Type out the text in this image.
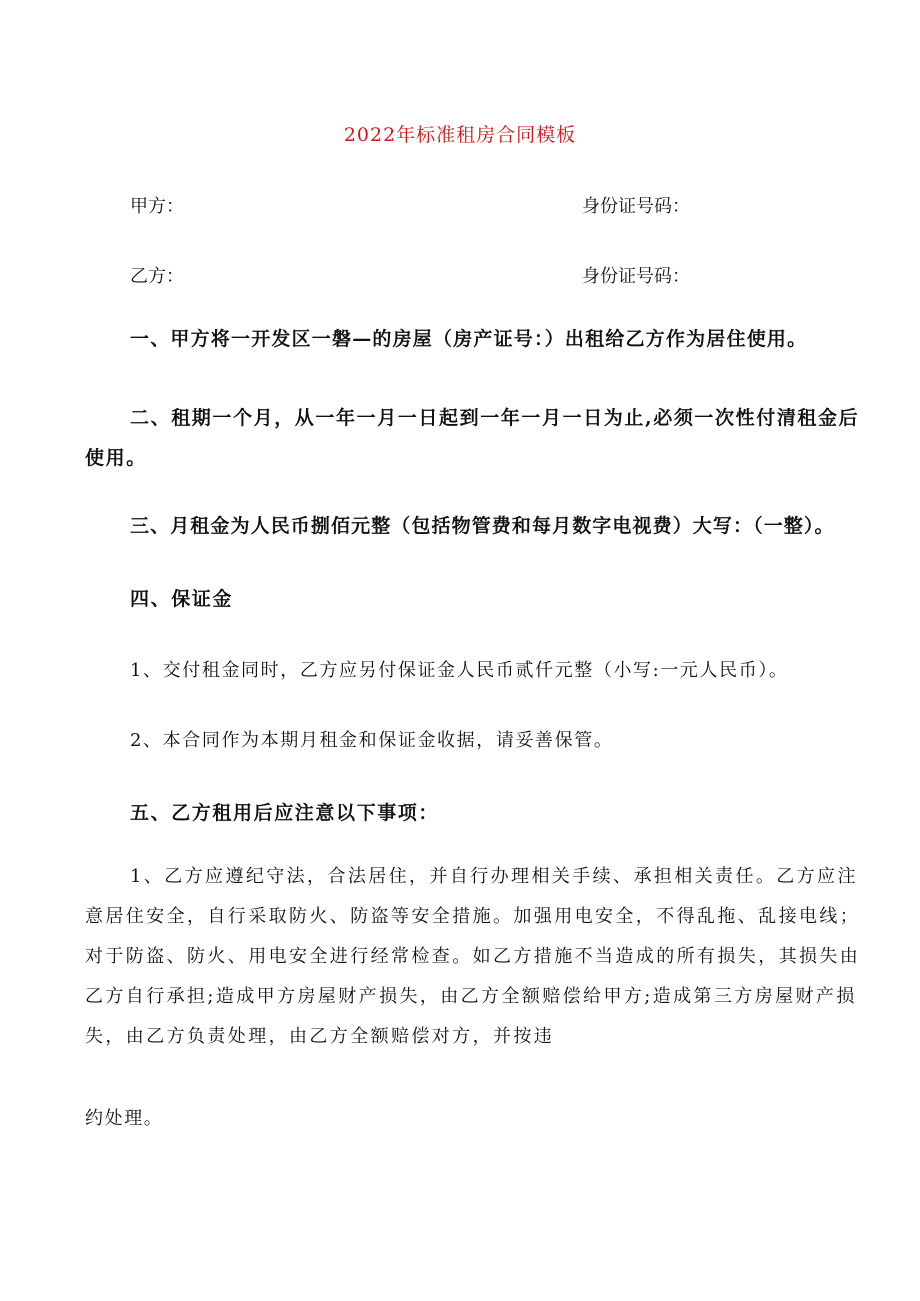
2022年标准租房合同模板
甲方：	身份证号码：
乙方：	身份证号码：
一、甲方将一开发区一磐—的房屋（房产证号：）出租给乙方作为居住使用。
二、租期一个月，从一年一月一日起到一年一月一日为止,必须一次性付清租金后
使用。
三、月租金为人民币捌佰元整（包括物管费和每月数字电视费）大写：（一整）。
四、保证金
1、交付租金同时，乙方应另付保证金人民币贰仟元整（小写:一元人民币）。
2、本合同作为本期月租金和保证金收据，请妥善保管。
五、乙方租用后应注意以下事项：
1、乙方应遵纪守法，合法居住，并自行办理相关手续、承担相关责任。乙方应注
意居住安全，自行采取防火、防盗等安全措施。加强用电安全，不得乱拖、乱接电线；
对于防盗、防火、用电安全进行经常检查。如乙方措施不当造成的所有损失，其损失由
乙方自行承担;造成甲方房屋财产损失，由乙方全额赔偿给甲方;造成第三方房屋财产损
失，由乙方负责处理，由乙方全额赔偿对方，并按违
约处理。
